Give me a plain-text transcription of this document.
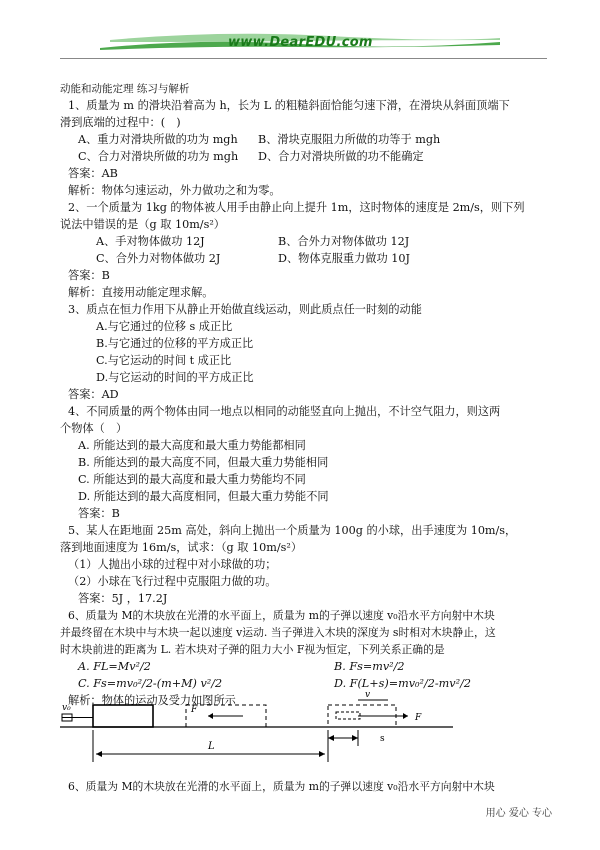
www.DearEDU.com
动能和动能定理 练习与解析
1、质量为 m 的滑块沿着高为 h，长为 L 的粗糙斜面恰能匀速下滑，在滑块从斜面顶端下
滑到底端的过程中：(　)
A、重力对滑块所做的功为 mgh B、滑块克服阻力所做的功等于 mgh
C、合力对滑块所做的功为 mgh D、合力对滑块所做的功不能确定
答案：AB
解析：物体匀速运动，外力做功之和为零。
2、一个质量为 1kg 的物体被人用手由静止向上提升 1m，这时物体的速度是 2m/s，则下列
说法中错误的是（g 取 10m/s²）
A、手对物体做功 12J	B、合外力对物体做功 12J
C、合外力对物体做功 2J	D、物体克服重力做功 10J
答案：B
解析：直接用动能定理求解。
3、质点在恒力作用下从静止开始做直线运动，则此质点任一时刻的动能
A.与它通过的位移 s 成正比
B.与它通过的位移的平方成正比
C.与它运动的时间 t 成正比
D.与它运动的时间的平方成正比
答案：AD
4、不同质量的两个物体由同一地点以相同的动能竖直向上抛出，不计空气阻力，则这两
个物体（　）
A. 所能达到的最大高度和最大重力势能都相同
B. 所能达到的最大高度不同，但最大重力势能相同
C. 所能达到的最大高度和最大重力势能均不同
D. 所能达到的最大高度相同，但最大重力势能不同
答案：B
5、某人在距地面 25m 高处，斜向上抛出一个质量为 100g 的小球，出手速度为 10m/s，
落到地面速度为 16m/s，试求：（g 取 10m/s²）
（1）人抛出小球的过程中对小球做的功；
（2）小球在飞行过程中克服阻力做的功。
答案：5J ，17.2J
6、质量为 M的木块放在光滑的水平面上，质量为 m的子弹以速度 v₀沿水平方向射中木块
并最终留在木块中与木块一起以速度 v运动. 当子弹进入木块的深度为 s时相对木块静止，这
时木块前进的距离为 L. 若木块对子弹的阻力大小 F视为恒定，下列关系正确的是
A. FL=Mv²/2	B. Fs=mv²/2
C. Fs=mv₀²/2-(m+M) v²/2	D. F(L+s)=mv₀²/2-mv²/2
解析：物体的运动及受力如图所示
v₀
v
F
F
L
s
6、质量为 M的木块放在光滑的水平面上，质量为 m的子弹以速度 v₀沿水平方向射中木块
用心 爱心 专心
